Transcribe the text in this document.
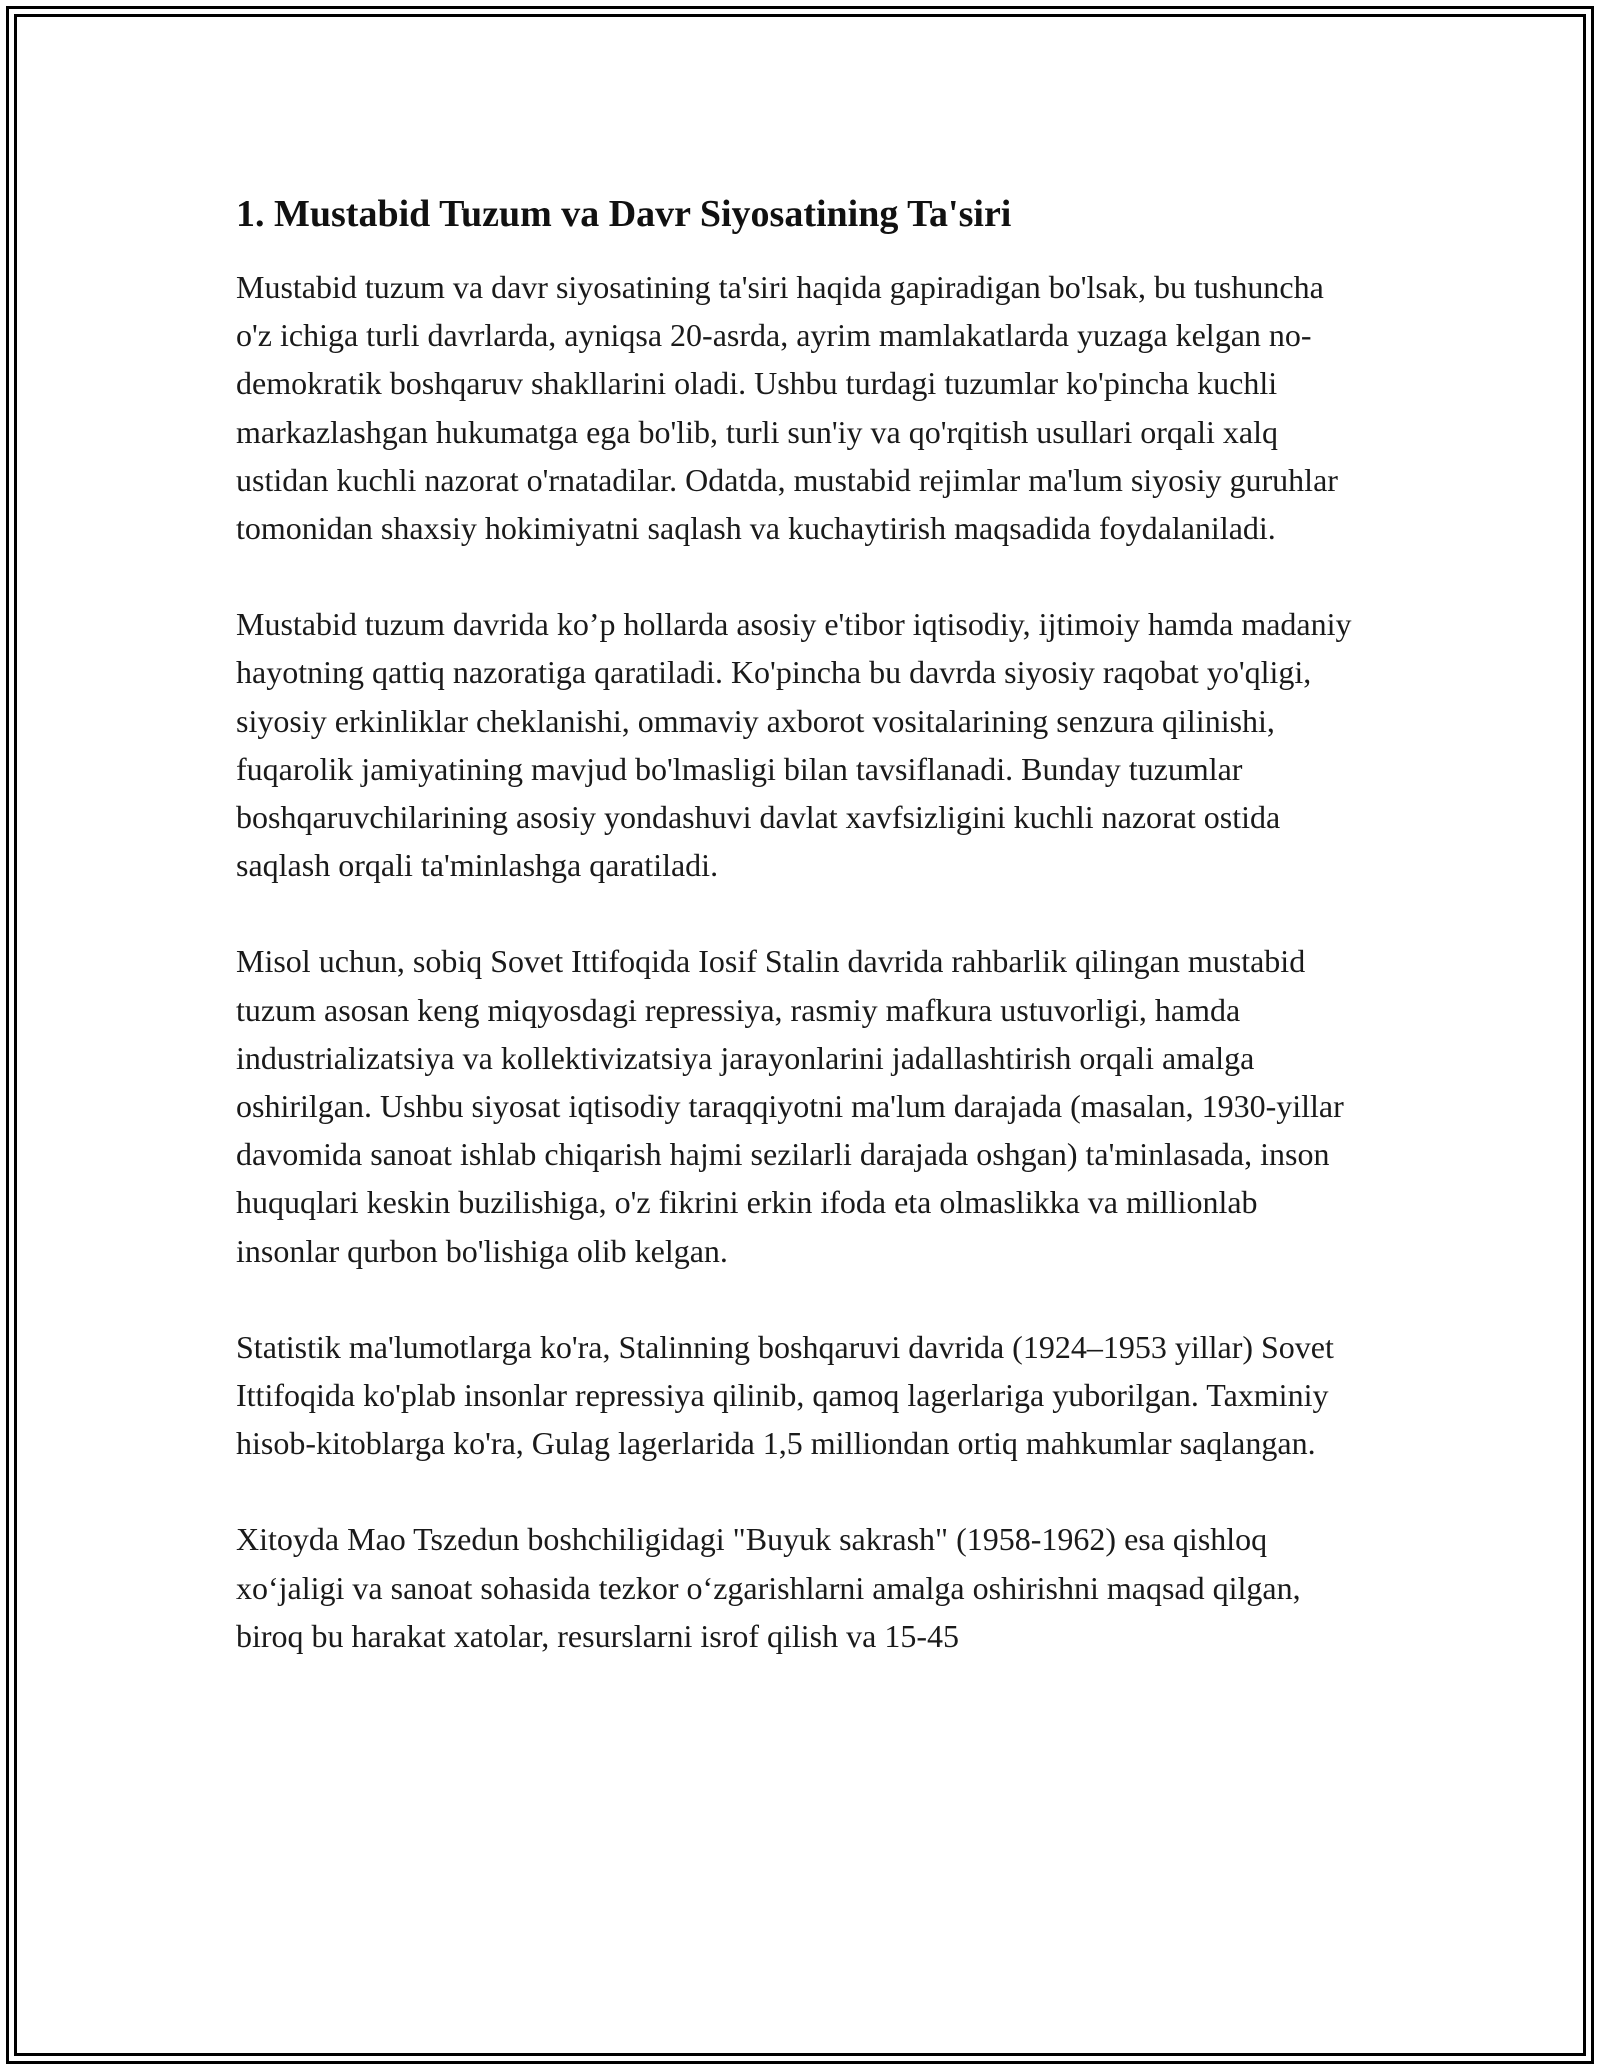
1. Mustabid Tuzum va Davr Siyosatining Ta'siri

Mustabid tuzum va davr siyosatining ta'siri haqida gapiradigan bo'lsak, bu tushuncha o'z ichiga turli davrlarda, ayniqsa 20-asrda, ayrim mamlakatlarda yuzaga kelgan no-demokratik boshqaruv shakllarini oladi. Ushbu turdagi tuzumlar ko'pincha kuchli markazlashgan hukumatga ega bo'lib, turli sun'iy va qo'rqitish usullari orqali xalq ustidan kuchli nazorat o'rnatadilar. Odatda, mustabid rejimlar ma'lum siyosiy guruhlar tomonidan shaxsiy hokimiyatni saqlash va kuchaytirish maqsadida foydalaniladi.

Mustabid tuzum davrida ko’p hollarda asosiy e'tibor iqtisodiy, ijtimoiy hamda madaniy hayotning qattiq nazoratiga qaratiladi. Ko'pincha bu davrda siyosiy raqobat yo'qligi, siyosiy erkinliklar cheklanishi, ommaviy axborot vositalarining senzura qilinishi, fuqarolik jamiyatining mavjud bo'lmasligi bilan tavsiflanadi. Bunday tuzumlar boshqaruvchilarining asosiy yondashuvi davlat xavfsizligini kuchli nazorat ostida saqlash orqali ta'minlashga qaratiladi.

Misol uchun, sobiq Sovet Ittifoqida Iosif Stalin davrida rahbarlik qilingan mustabid tuzum asosan keng miqyosdagi repressiya, rasmiy mafkura ustuvorligi, hamda industrializatsiya va kollektivizatsiya jarayonlarini jadallashtirish orqali amalga oshirilgan. Ushbu siyosat iqtisodiy taraqqiyotni ma'lum darajada (masalan, 1930-yillar davomida sanoat ishlab chiqarish hajmi sezilarli darajada oshgan) ta'minlasada, inson huquqlari keskin buzilishiga, o'z fikrini erkin ifoda eta olmaslikka va millionlab insonlar qurbon bo'lishiga olib kelgan.

Statistik ma'lumotlarga ko'ra, Stalinning boshqaruvi davrida (1924–1953 yillar) Sovet Ittifoqida ko'plab insonlar repressiya qilinib, qamoq lagerlariga yuborilgan. Taxminiy hisob-kitoblarga ko'ra, Gulag lagerlarida 1,5 milliondan ortiq mahkumlar saqlangan.

Xitoyda Mao Tszedun boshchiligidagi "Buyuk sakrash" (1958-1962) esa qishloq xo‘jaligi va sanoat sohasida tezkor o‘zgarishlarni amalga oshirishni maqsad qilgan, biroq bu harakat xatolar, resurslarni isrof qilish va 15-45
